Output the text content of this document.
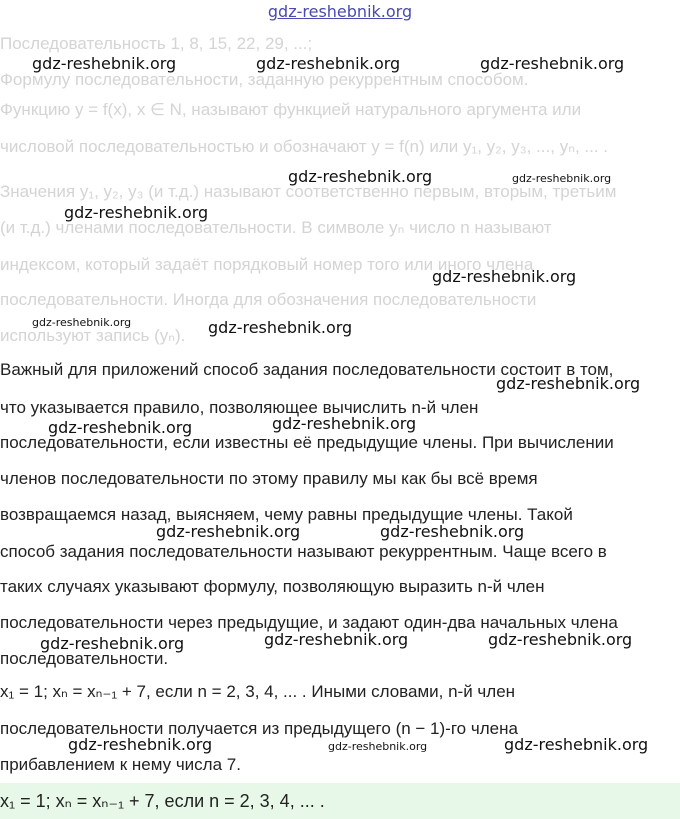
gdz-reshebnik.org
Последовательность 1, 8, 15, 22, 29, ...;
Формулу последовательности, заданную рекуррентным способом.
Функцию y = f(x), x ∈ N, называют функцией натурального аргумента или
числовой последовательностью и обозначают y = f(n) или y₁, y₂, y₃, ..., yₙ, ... .
Значения y₁, y₂, y₃ (и т.д.) называют соответственно первым, вторым, третьим
(и т.д.) членами последовательности. В символе yₙ число n называют
индексом, который задаёт порядковый номер того или иного члена
последовательности. Иногда для обозначения последовательности
используют запись (yₙ).
Важный для приложений способ задания последовательности состоит в том,
что указывается правило, позволяющее вычислить n-й член
последовательности, если известны её предыдущие члены. При вычислении
членов последовательности по этому правилу мы как бы всё время
возвращаемся назад, выясняем, чему равны предыдущие члены. Такой
способ задания последовательности называют рекуррентным. Чаще всего в
таких случаях указывают формулу, позволяющую выразить n-й член
последовательности через предыдущие, и задают один-два начальных члена
последовательности.
x₁ = 1; xₙ = xₙ₋₁ + 7, если n = 2, 3, 4, ... . Иными словами, n-й член
последовательности получается из предыдущего (n − 1)-го члена
прибавлением к нему числа 7.
x₁ = 1; xₙ = xₙ₋₁ + 7, если n = 2, 3, 4, ... .
gdz-reshebnik.org	gdz-reshebnik.org	gdz-reshebnik.org
gdz-reshebnik.org	gdz-reshebnik.org
gdz-reshebnik.org
gdz-reshebnik.org
gdz-reshebnik.org	gdz-reshebnik.org
gdz-reshebnik.org
gdz-reshebnik.org	gdz-reshebnik.org
gdz-reshebnik.org	gdz-reshebnik.org
gdz-reshebnik.org	gdz-reshebnik.org	gdz-reshebnik.org
gdz-reshebnik.org	gdz-reshebnik.org	gdz-reshebnik.org
